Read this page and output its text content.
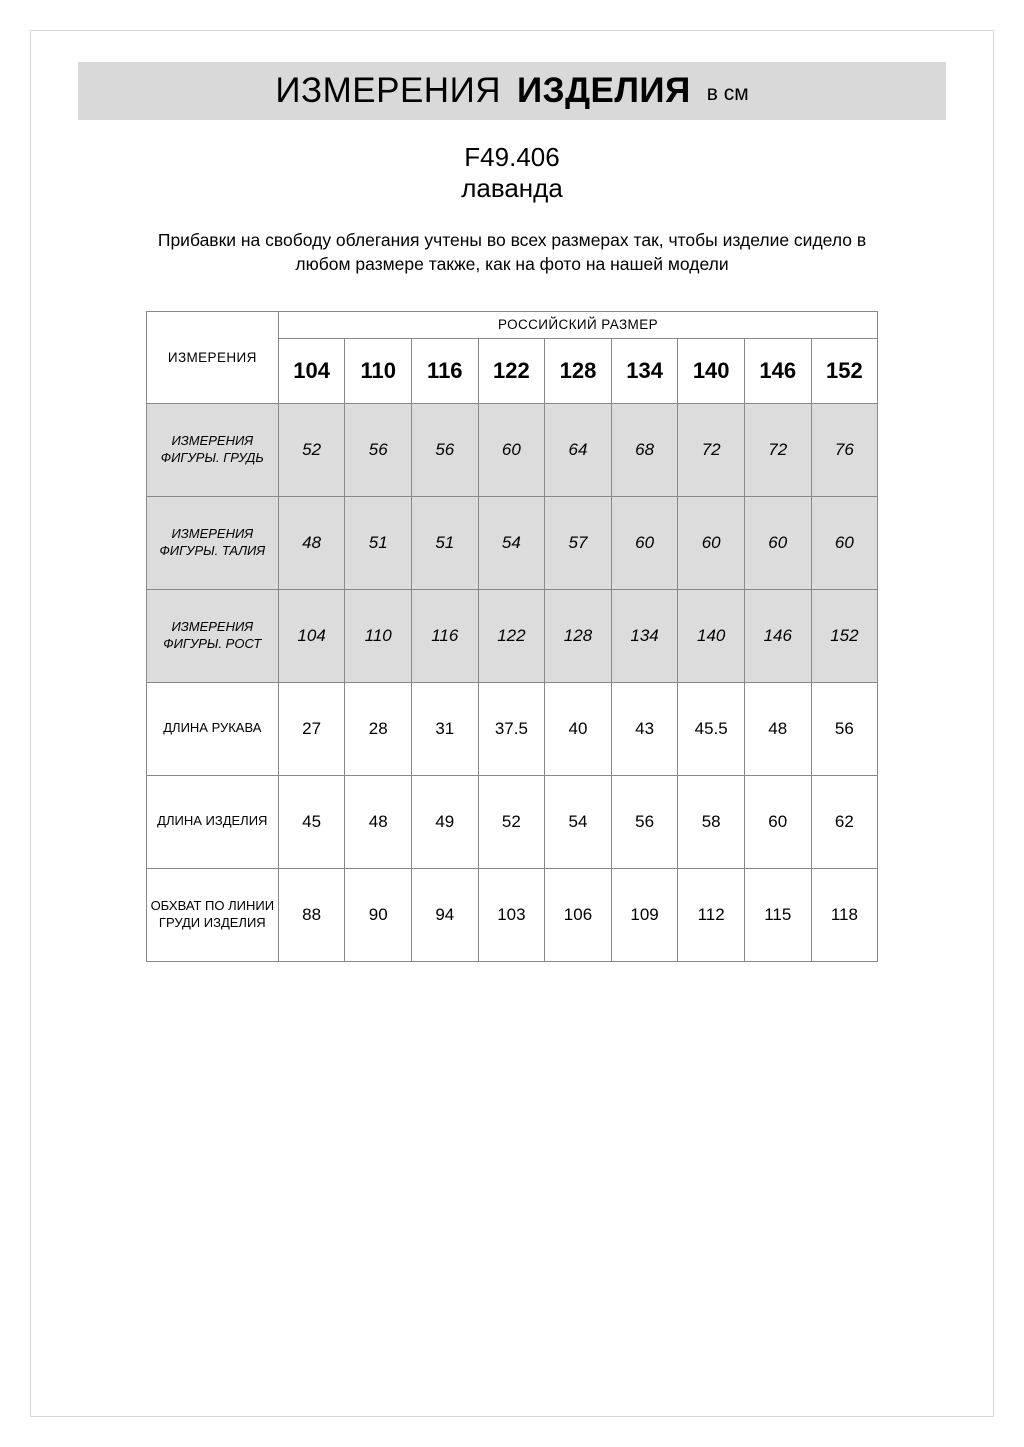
ИЗМЕРЕНИЯ ИЗДЕЛИЯ в см
F49.406
лаванда
Прибавки на свободу облегания учтены во всех размерах так, чтобы изделие сидело в любом размере также, как на фото на нашей модели
ИЗМЕРЕНИЯ	РОССИЙСКИЙ РАЗМЕР								
	104	110	116	122	128	134	140	146	152
ИЗМЕРЕНИЯ ФИГУРЫ. ГРУДЬ	52	56	56	60	64	68	72	72	76
ИЗМЕРЕНИЯ ФИГУРЫ. ТАЛИЯ	48	51	51	54	57	60	60	60	60
ИЗМЕРЕНИЯ ФИГУРЫ. РОСТ	104	110	116	122	128	134	140	146	152
ДЛИНА РУКАВА	27	28	31	37.5	40	43	45.5	48	56
ДЛИНА ИЗДЕЛИЯ	45	48	49	52	54	56	58	60	62
ОБХВАТ ПО ЛИНИИ ГРУДИ ИЗДЕЛИЯ	88	90	94	103	106	109	112	115	118
